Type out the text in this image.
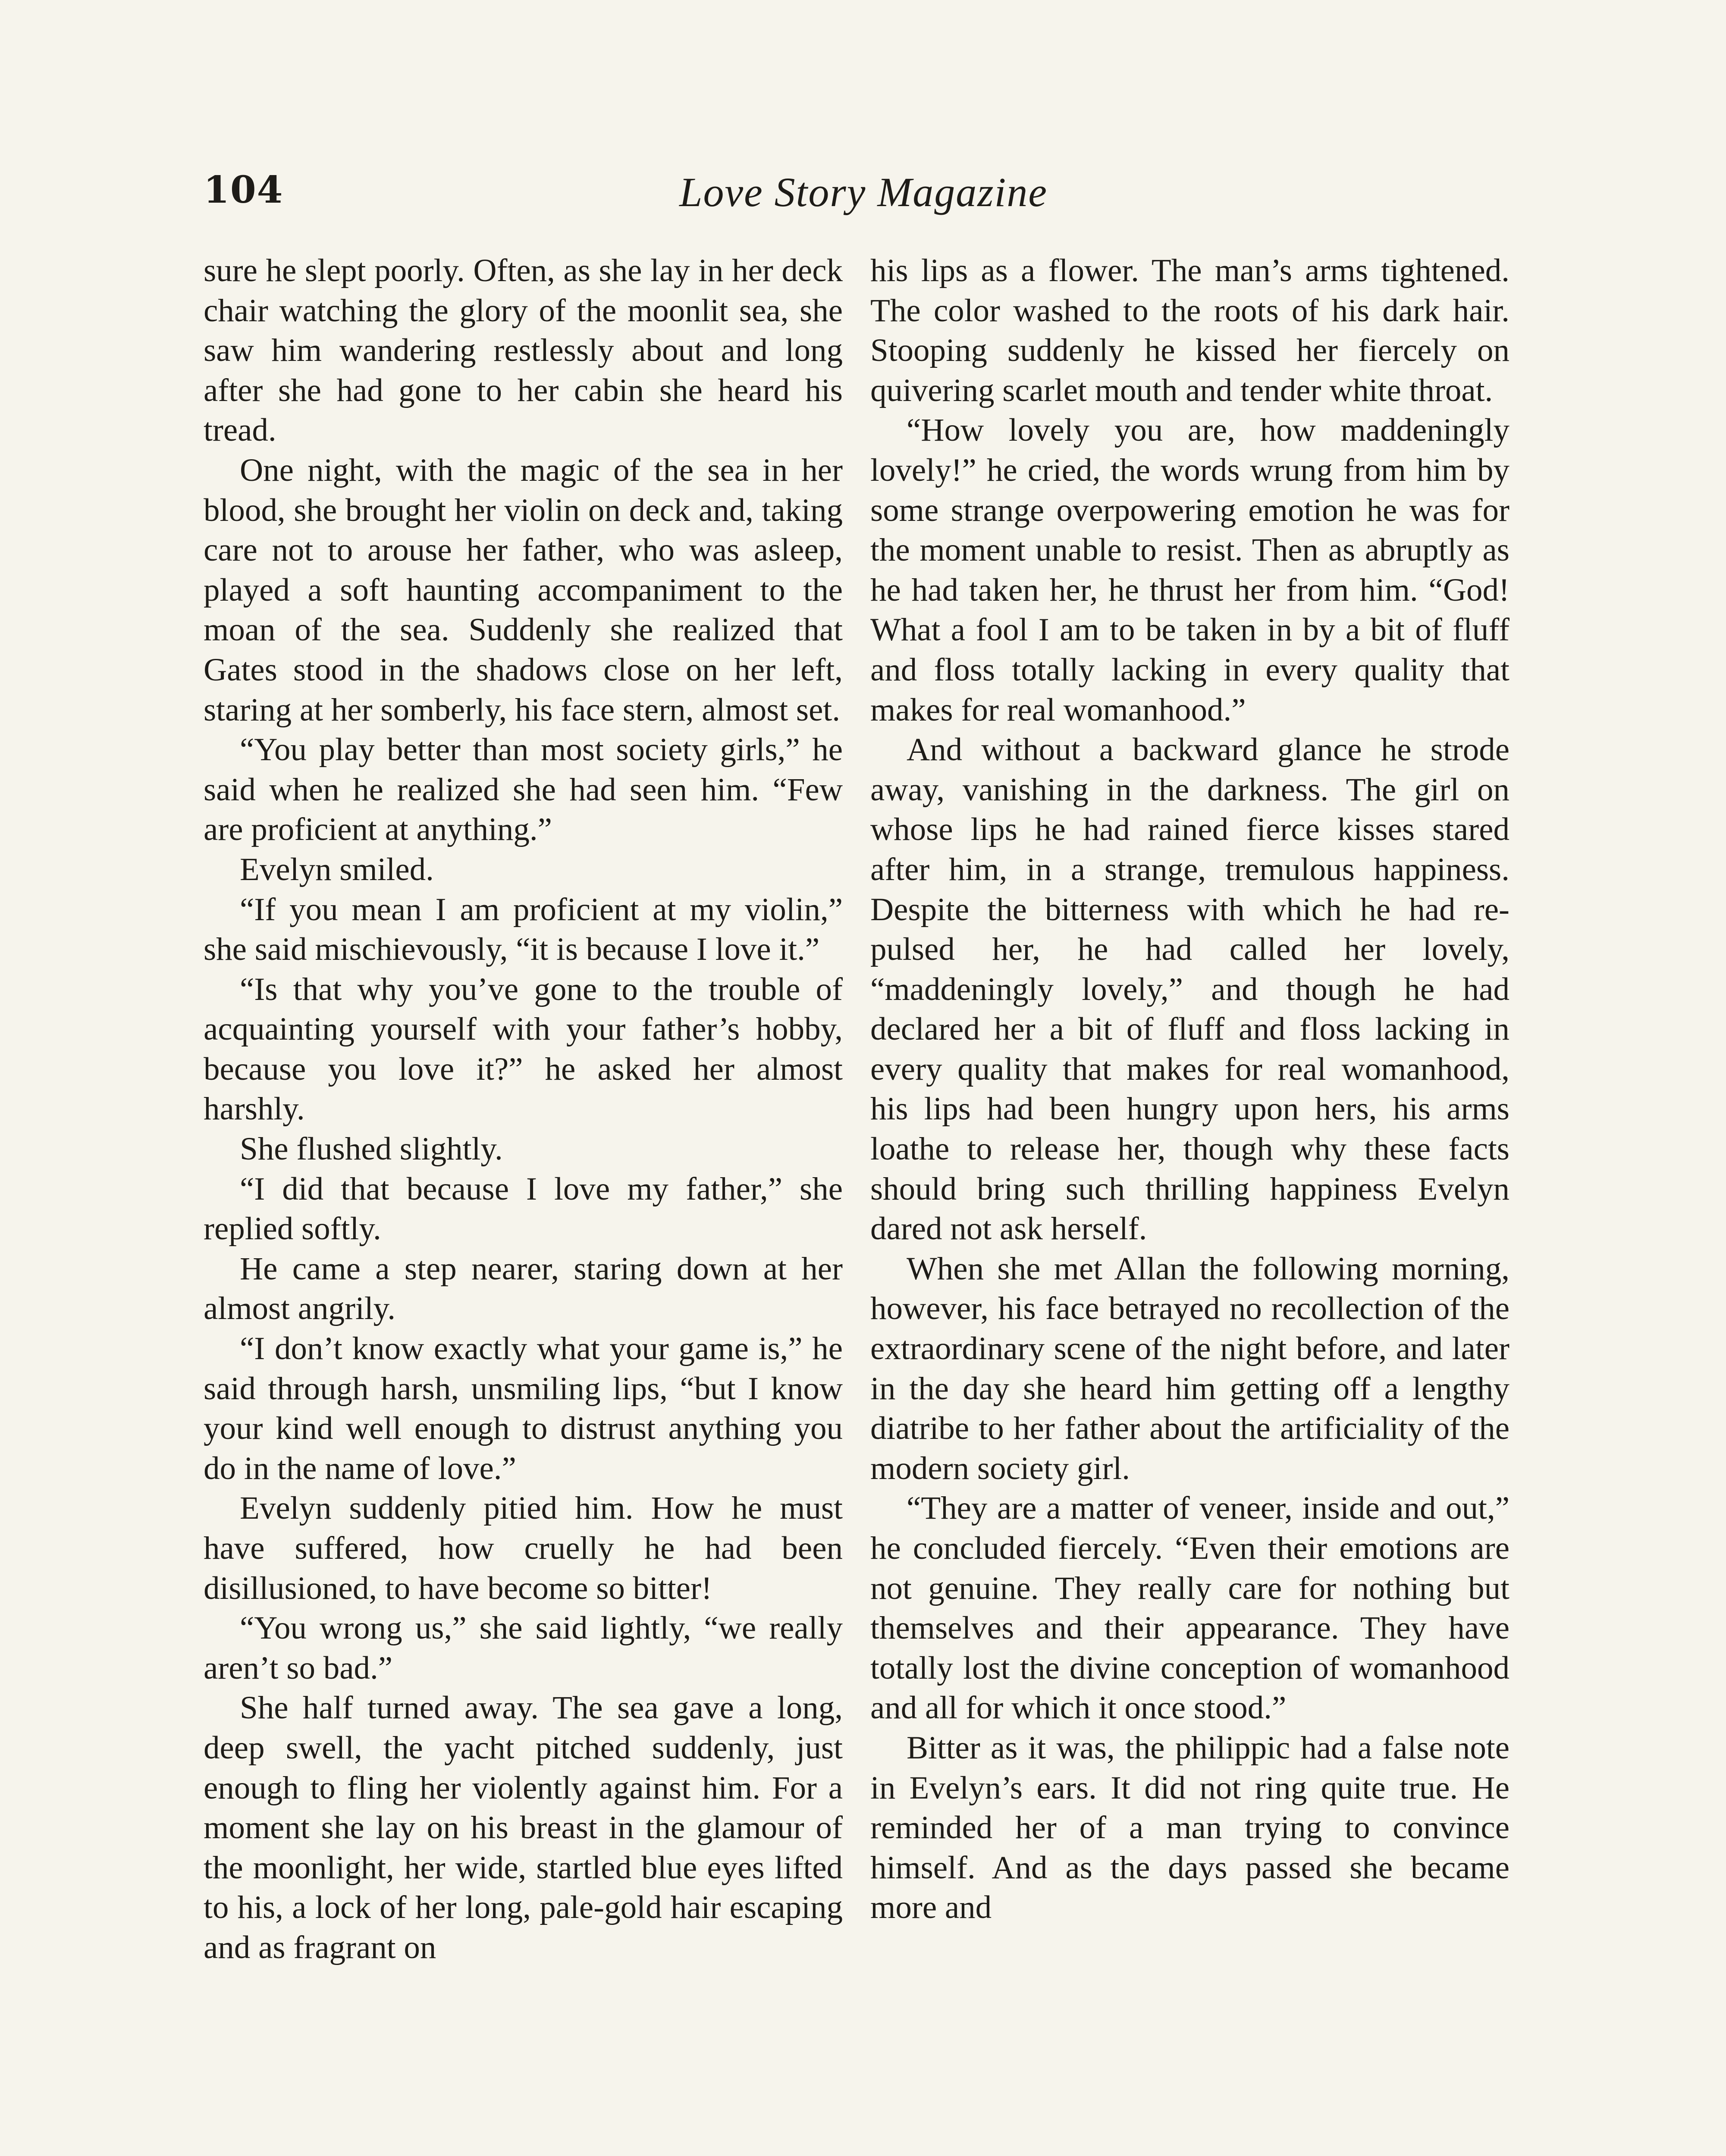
104	Love Story Magazine

sure he slept poorly. Often, as she lay in her deck chair watching the glory of the moonlit sea, she saw him wandering restlessly about and long after she had gone to her cabin she heard his tread.

One night, with the magic of the sea in her blood, she brought her violin on deck and, taking care not to arouse her father, who was asleep, played a soft haunting accompaniment to the moan of the sea. Suddenly she realized that Gates stood in the shadows close on her left, staring at her somberly, his face stern, almost set.

“You play better than most society girls,” he said when he realized she had seen him. “Few are proficient at anything.”

Evelyn smiled.

“If you mean I am proficient at my violin,” she said mischievously, “it is because I love it.”

“Is that why you’ve gone to the trouble of acquainting yourself with your father’s hobby, because you love it?” he asked her almost harshly.

She flushed slightly.

“I did that because I love my father,” she replied softly.

He came a step nearer, staring down at her almost angrily.

“I don’t know exactly what your game is,” he said through harsh, unsmiling lips, “but I know your kind well enough to distrust anything you do in the name of love.”

Evelyn suddenly pitied him. How he must have suffered, how cruelly he had been disillusioned, to have become so bitter!

“You wrong us,” she said lightly, “we really aren’t so bad.”

She half turned away. The sea gave a long, deep swell, the yacht pitched suddenly, just enough to fling her violently against him. For a moment she lay on his breast in the glamour of the moonlight, her wide, startled blue eyes lifted to his, a lock of her long, pale-gold hair escaping and as fragrant on

his lips as a flower. The man’s arms tightened. The color washed to the roots of his dark hair. Stooping suddenly he kissed her fiercely on quivering scarlet mouth and tender white throat.

“How lovely you are, how maddeningly lovely!” he cried, the words wrung from him by some strange overpowering emotion he was for the moment unable to resist. Then as abruptly as he had taken her, he thrust her from him. “God! What a fool I am to be taken in by a bit of fluff and floss totally lacking in every quality that makes for real womanhood.”

And without a backward glance he strode away, vanishing in the darkness. The girl on whose lips he had rained fierce kisses stared after him, in a strange, tremulous happiness. Despite the bitterness with which he had repulsed her, he had called her lovely, “maddeningly lovely,” and though he had declared her a bit of fluff and floss lacking in every quality that makes for real womanhood, his lips had been hungry upon hers, his arms loathe to release her, though why these facts should bring such thrilling happiness Evelyn dared not ask herself.

When she met Allan the following morning, however, his face betrayed no recollection of the extraordinary scene of the night before, and later in the day she heard him getting off a lengthy diatribe to her father about the artificiality of the modern society girl.

“They are a matter of veneer, inside and out,” he concluded fiercely. “Even their emotions are not genuine. They really care for nothing but themselves and their appearance. They have totally lost the divine conception of womanhood and all for which it once stood.”

Bitter as it was, the philippic had a false note in Evelyn’s ears. It did not ring quite true. He reminded her of a man trying to convince himself. And as the days passed she became more and
